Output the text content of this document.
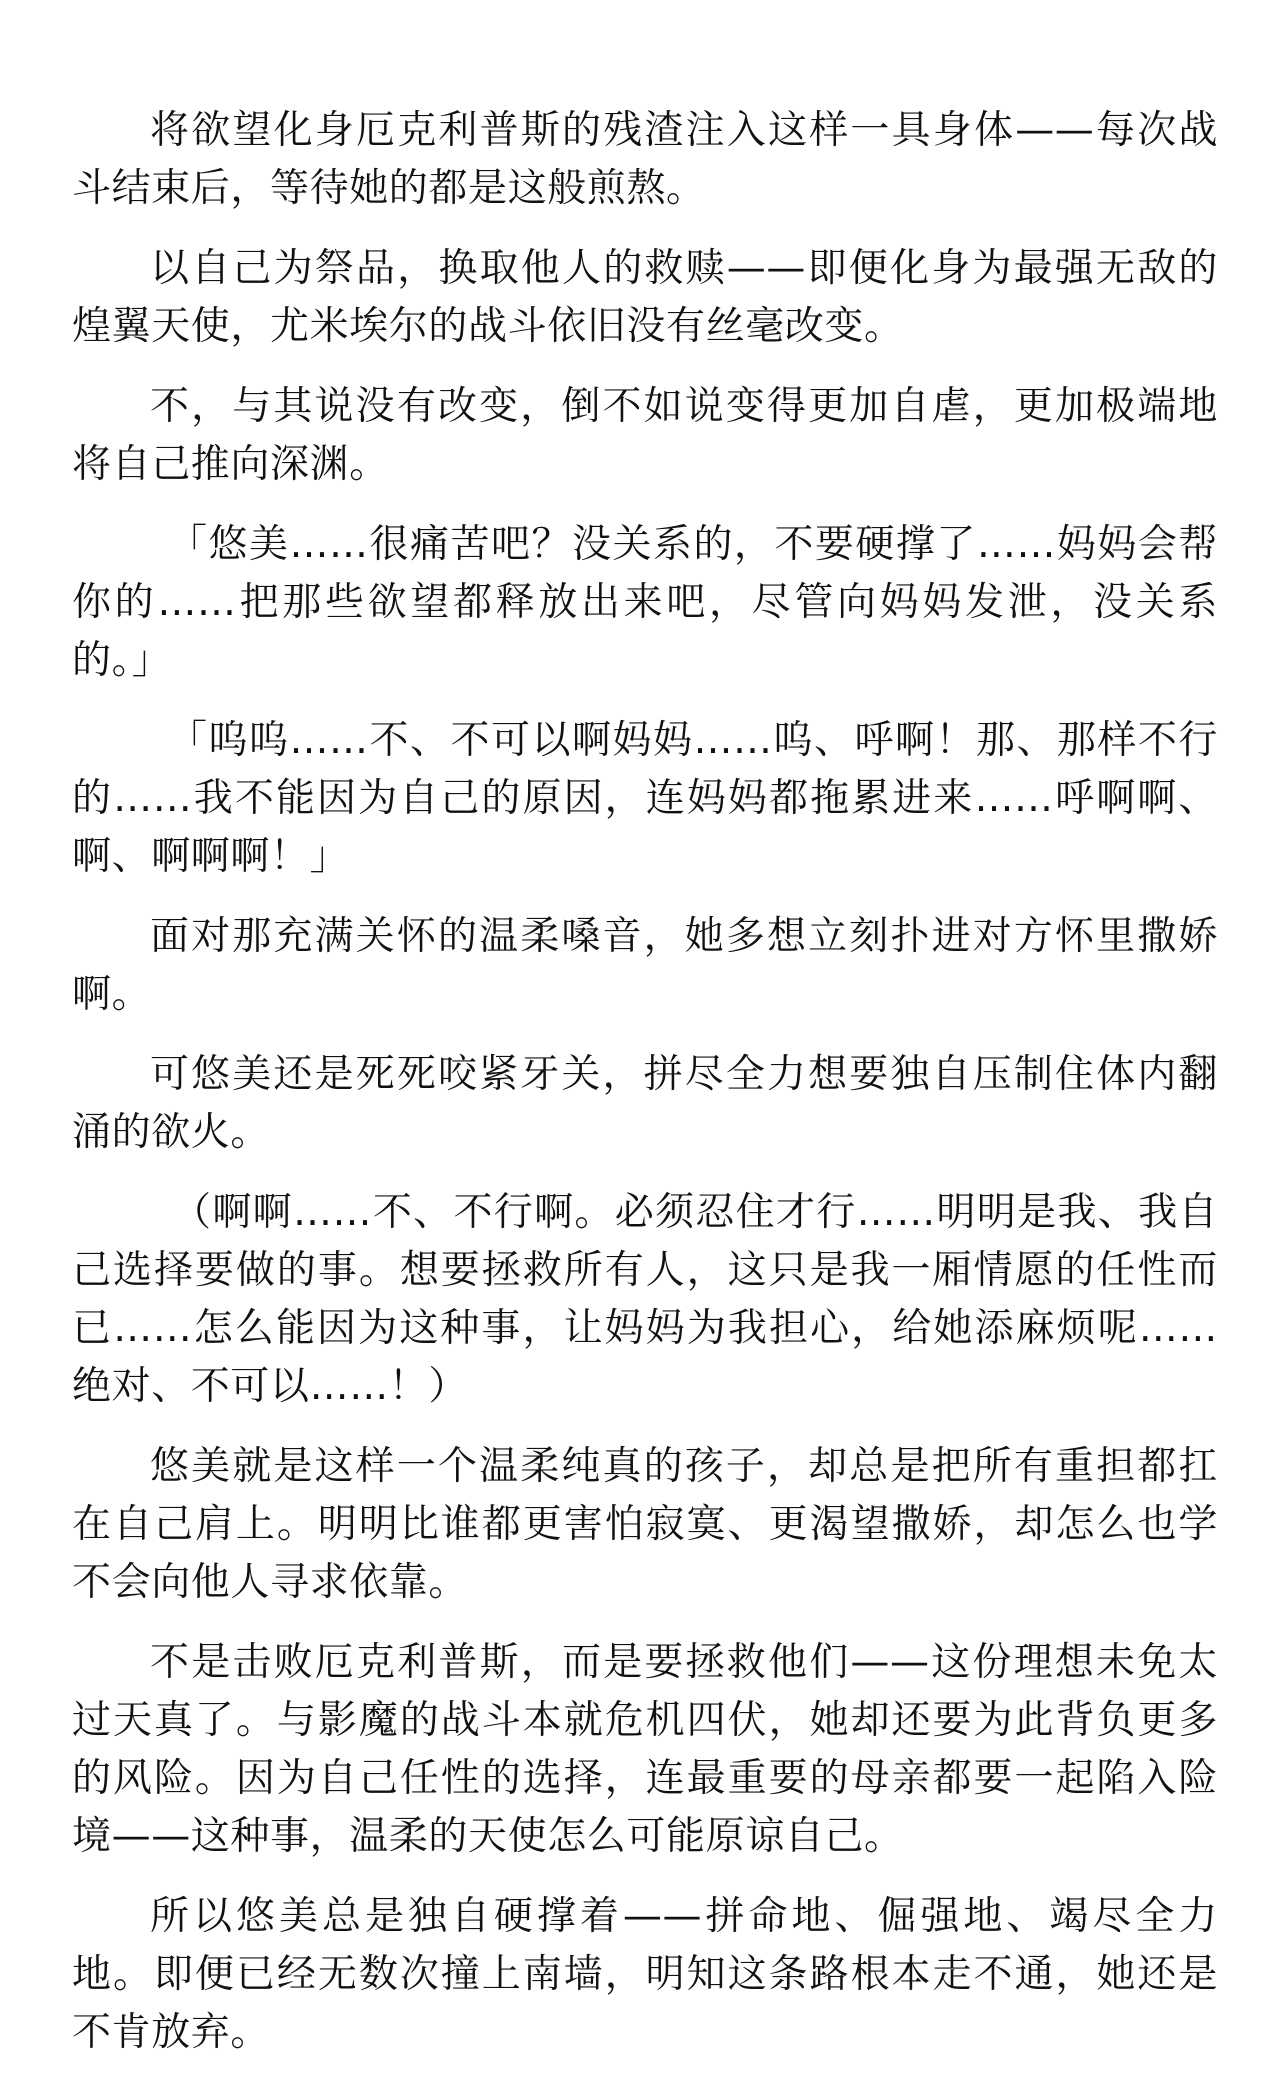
将欲望化身厄克利普斯的残渣注入这样一具身体——每次战斗结束后，等待她的都是这般煎熬。

以自己为祭品，换取他人的救赎——即便化身为最强无敌的煌翼天使，尤米埃尔的战斗依旧没有丝毫改变。

不，与其说没有改变，倒不如说变得更加自虐，更加极端地将自己推向深渊。

「悠美……很痛苦吧？没关系的，不要硬撑了……妈妈会帮你的……把那些欲望都释放出来吧，尽管向妈妈发泄，没关系的。」

「呜呜……不、不可以啊妈妈……呜、呼啊！那、那样不行的……我不能因为自己的原因，连妈妈都拖累进来……呼啊啊、啊、啊啊啊！」

面对那充满关怀的温柔嗓音，她多想立刻扑进对方怀里撒娇啊。

可悠美还是死死咬紧牙关，拼尽全力想要独自压制住体内翻涌的欲火。

（啊啊……不、不行啊。必须忍住才行……明明是我、我自己选择要做的事。想要拯救所有人，这只是我一厢情愿的任性而已……怎么能因为这种事，让妈妈为我担心，给她添麻烦呢……绝对、不可以……！）

悠美就是这样一个温柔纯真的孩子，却总是把所有重担都扛在自己肩上。明明比谁都更害怕寂寞、更渴望撒娇，却怎么也学不会向他人寻求依靠。

不是击败厄克利普斯，而是要拯救他们——这份理想未免太过天真了。与影魔的战斗本就危机四伏，她却还要为此背负更多的风险。因为自己任性的选择，连最重要的母亲都要一起陷入险境——这种事，温柔的天使怎么可能原谅自己。

所以悠美总是独自硬撑着——拼命地、倔强地、竭尽全力地。即便已经无数次撞上南墙，明知这条路根本走不通，她还是不肯放弃。
